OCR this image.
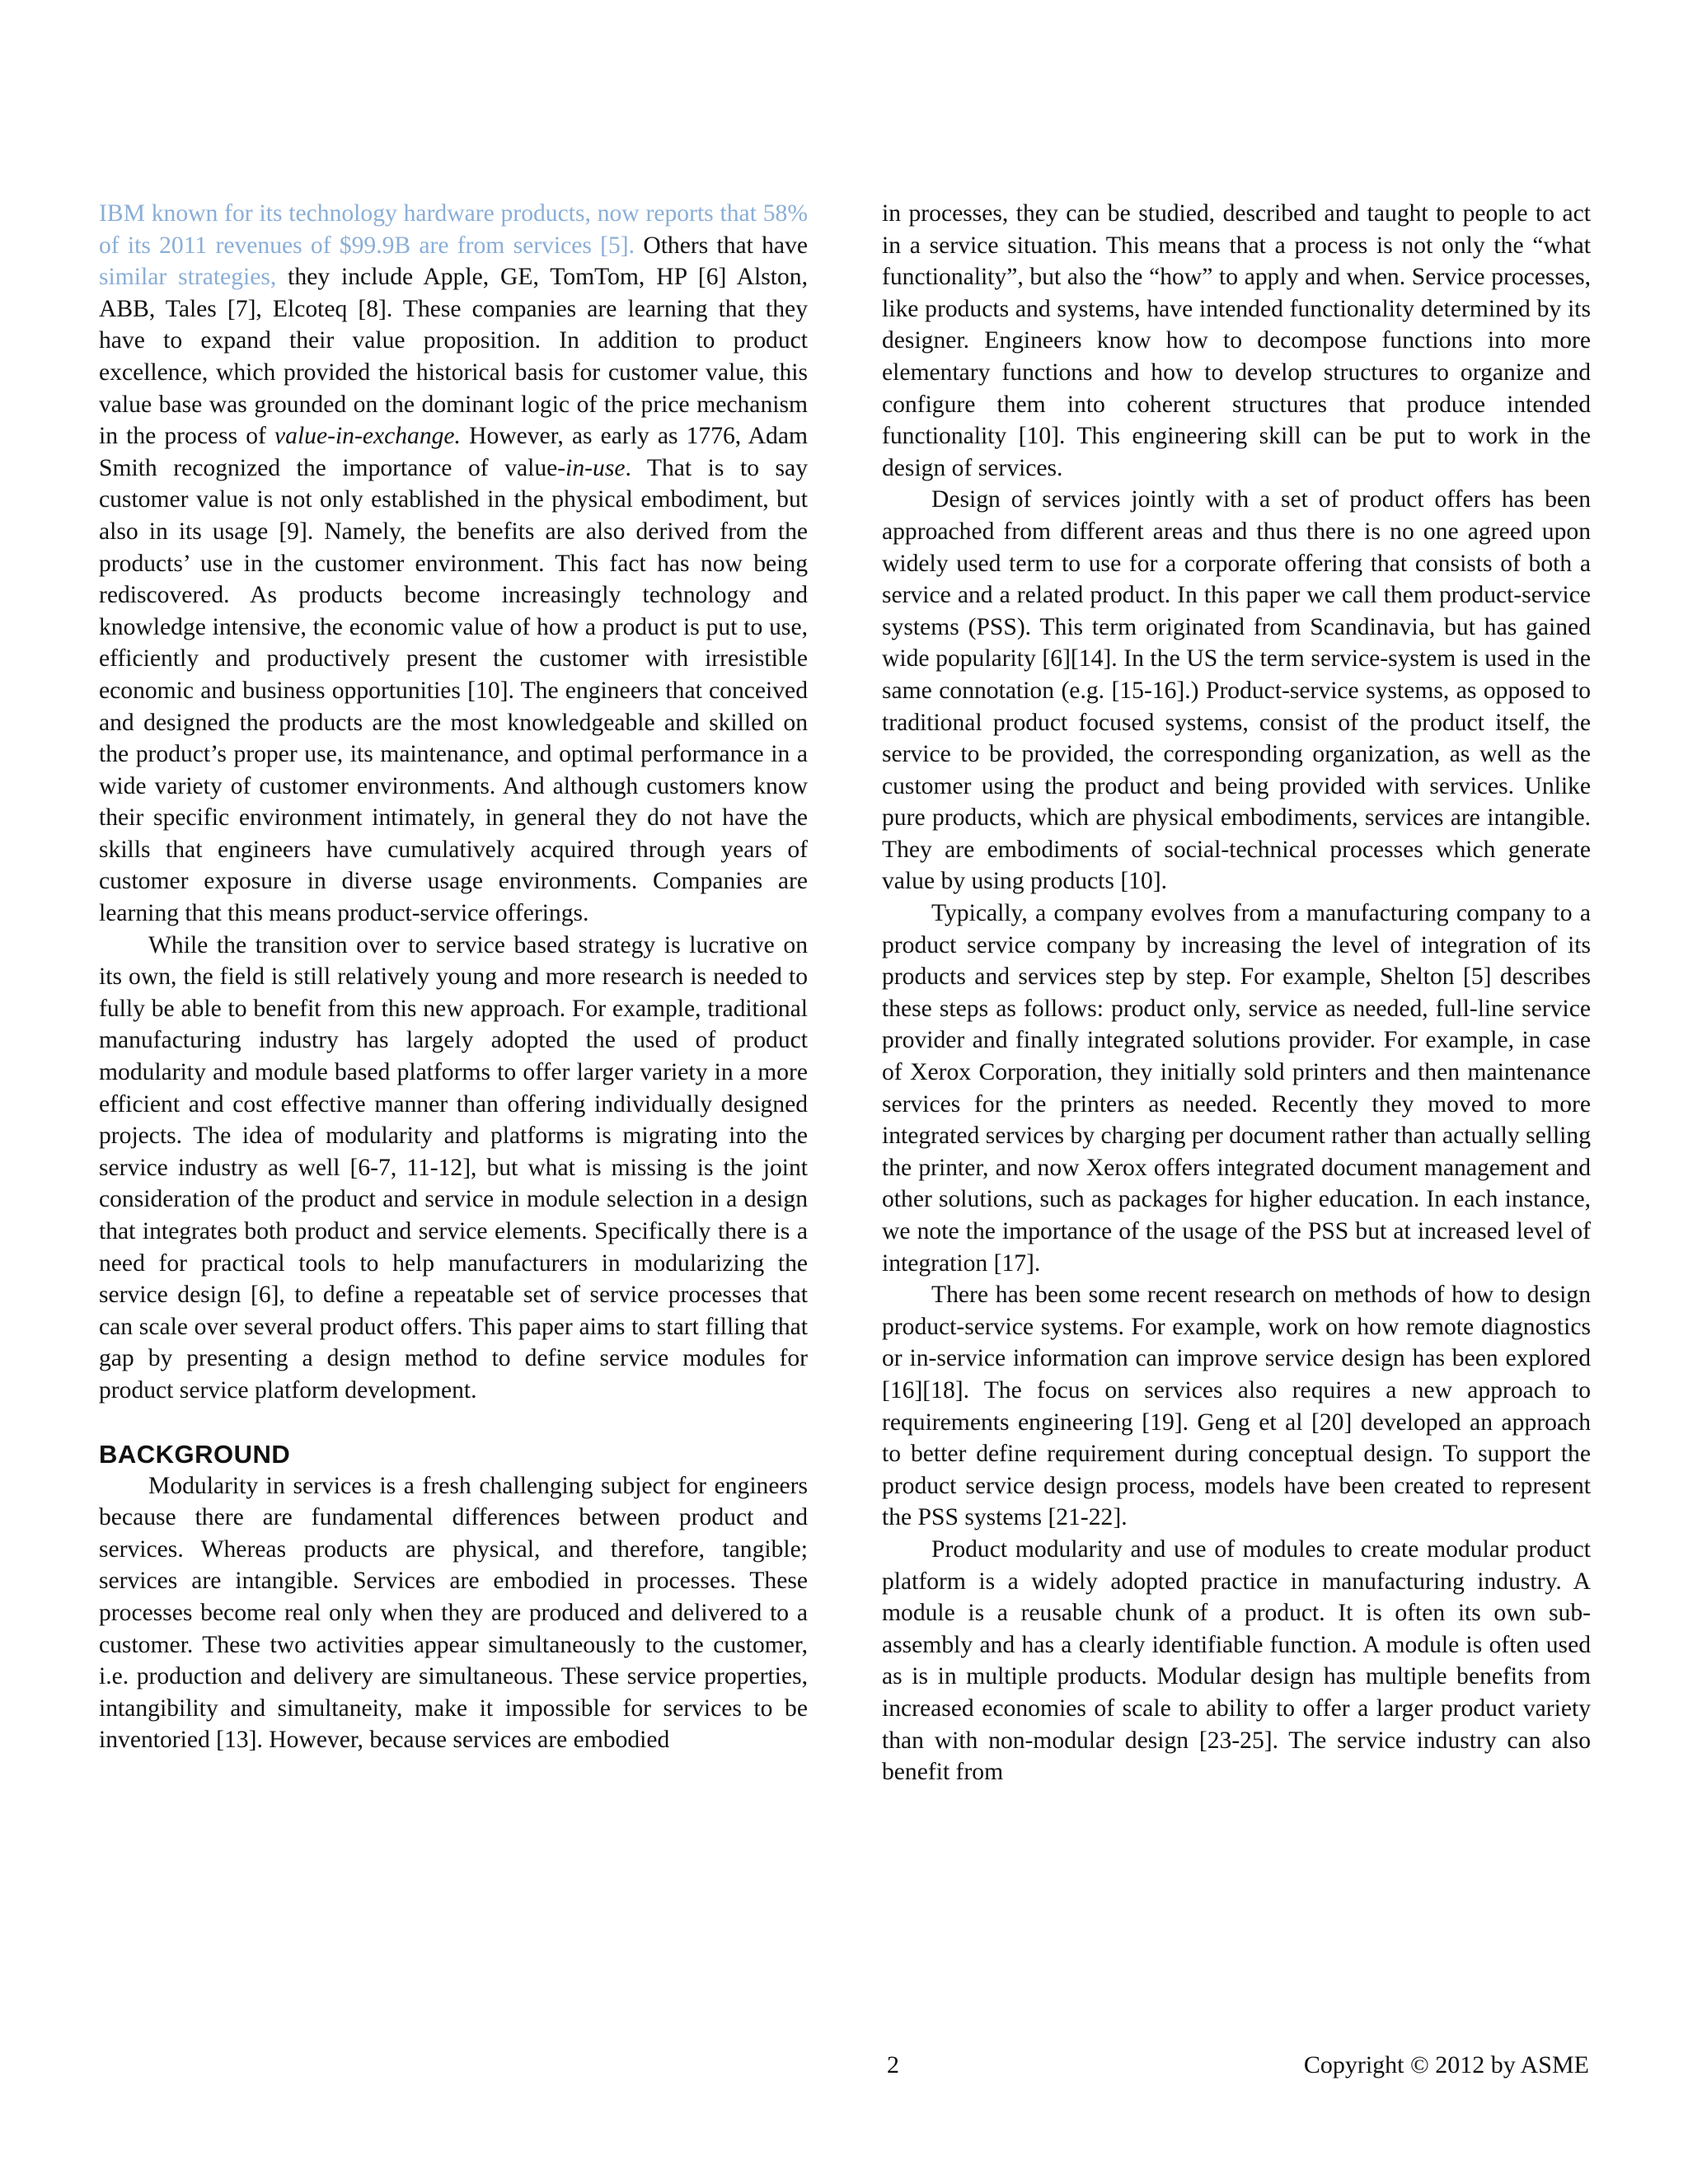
IBM known for its technology hardware products, now reports that 58% of its 2011 revenues of $99.9B are from services [5]. Others that have similar strategies, they include Apple, GE, TomTom, HP [6] Alston, ABB, Tales [7], Elcoteq [8]. These companies are learning that they have to expand their value proposition. In addition to product excellence, which provided the historical basis for customer value, this value base was grounded on the dominant logic of the price mechanism in the process of value-in-exchange. However, as early as 1776, Adam Smith recognized the importance of value-in-use. That is to say customer value is not only established in the physical embodiment, but also in its usage [9]. Namely, the benefits are also derived from the products’ use in the customer environment. This fact has now being rediscovered. As products become increasingly technology and knowledge intensive, the economic value of how a product is put to use, efficiently and productively present the customer with irresistible economic and business opportunities [10]. The engineers that conceived and designed the products are the most knowledgeable and skilled on the product’s proper use, its maintenance, and optimal performance in a wide variety of customer environments. And although customers know their specific environment intimately, in general they do not have the skills that engineers have cumulatively acquired through years of customer exposure in diverse usage environments. Companies are learning that this means product-service offerings.

While the transition over to service based strategy is lucrative on its own, the field is still relatively young and more research is needed to fully be able to benefit from this new approach. For example, traditional manufacturing industry has largely adopted the used of product modularity and module based platforms to offer larger variety in a more efficient and cost effective manner than offering individually designed projects. The idea of modularity and platforms is migrating into the service industry as well [6-7, 11-12], but what is missing is the joint consideration of the product and service in module selection in a design that integrates both product and service elements. Specifically there is a need for practical tools to help manufacturers in modularizing the service design [6], to define a repeatable set of service processes that can scale over several product offers. This paper aims to start filling that gap by presenting a design method to define service modules for product service platform development.

BACKGROUND

Modularity in services is a fresh challenging subject for engineers because there are fundamental differences between product and services. Whereas products are physical, and therefore, tangible; services are intangible. Services are embodied in processes. These processes become real only when they are produced and delivered to a customer. These two activities appear simultaneously to the customer, i.e. production and delivery are simultaneous. These service properties, intangibility and simultaneity, make it impossible for services to be inventoried [13]. However, because services are embodied

in processes, they can be studied, described and taught to people to act in a service situation. This means that a process is not only the “what functionality”, but also the “how” to apply and when. Service processes, like products and systems, have intended functionality determined by its designer. Engineers know how to decompose functions into more elementary functions and how to develop structures to organize and configure them into coherent structures that produce intended functionality [10]. This engineering skill can be put to work in the design of services.

Design of services jointly with a set of product offers has been approached from different areas and thus there is no one agreed upon widely used term to use for a corporate offering that consists of both a service and a related product. In this paper we call them product-service systems (PSS). This term originated from Scandinavia, but has gained wide popularity [6][14]. In the US the term service-system is used in the same connotation (e.g. [15-16].) Product-service systems, as opposed to traditional product focused systems, consist of the product itself, the service to be provided, the corresponding organization, as well as the customer using the product and being provided with services. Unlike pure products, which are physical embodiments, services are intangible. They are embodiments of social-technical processes which generate value by using products [10].

Typically, a company evolves from a manufacturing company to a product service company by increasing the level of integration of its products and services step by step. For example, Shelton [5] describes these steps as follows: product only, service as needed, full-line service provider and finally integrated solutions provider. For example, in case of Xerox Corporation, they initially sold printers and then maintenance services for the printers as needed. Recently they moved to more integrated services by charging per document rather than actually selling the printer, and now Xerox offers integrated document management and other solutions, such as packages for higher education. In each instance, we note the importance of the usage of the PSS but at increased level of integration [17].

There has been some recent research on methods of how to design product-service systems. For example, work on how remote diagnostics or in-service information can improve service design has been explored [16][18]. The focus on services also requires a new approach to requirements engineering [19]. Geng et al [20] developed an approach to better define requirement during conceptual design. To support the product service design process, models have been created to represent the PSS systems [21-22].

Product modularity and use of modules to create modular product platform is a widely adopted practice in manufacturing industry. A module is a reusable chunk of a product. It is often its own sub-assembly and has a clearly identifiable function. A module is often used as is in multiple products. Modular design has multiple benefits from increased economies of scale to ability to offer a larger product variety than with non-modular design [23-25]. The service industry can also benefit from

2	Copyright © 2012 by ASME
